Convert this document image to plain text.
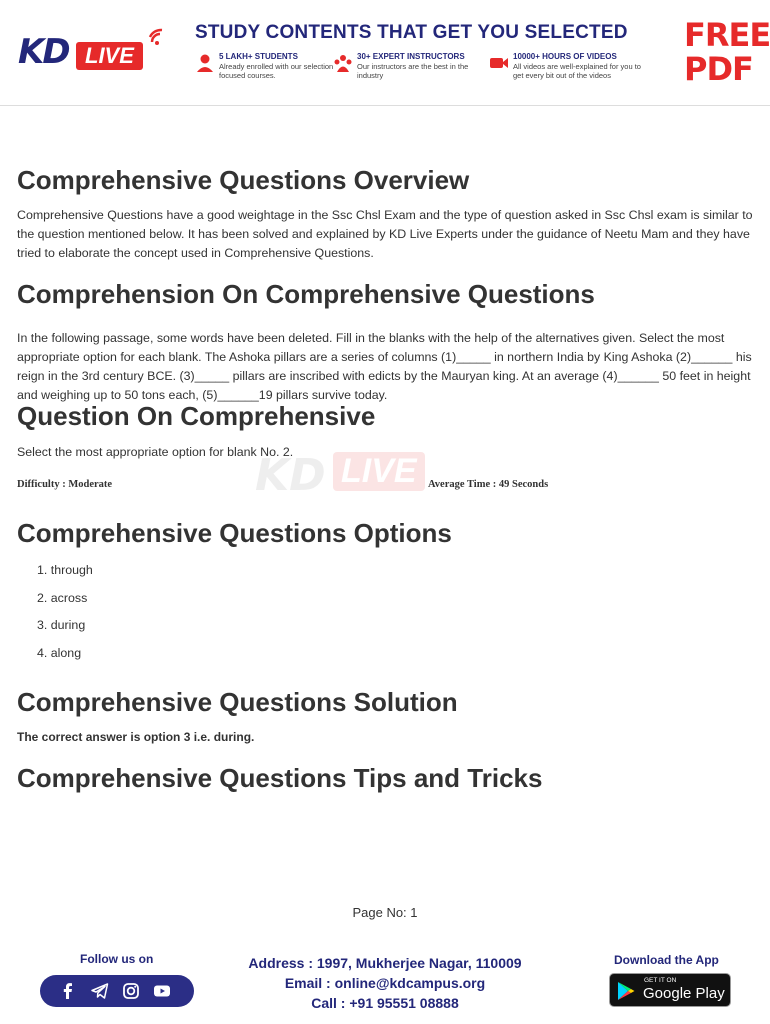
KD LIVE
STUDY CONTENTS THAT GET YOU SELECTED
5 LAKH+ STUDENTS
Already enrolled with our selection focused courses.
30+ EXPERT INSTRUCTORS
Our instructors are the best in the industry
10000+ HOURS OF VIDEOS
All videos are well-explained for you to get every bit out of the videos
FREE
PDF
KD LIVE
Comprehensive Questions Overview
Comprehensive Questions have a good weightage in the Ssc Chsl Exam and the type of question asked in Ssc Chsl exam is similar to the question mentioned below. It has been solved and explained by KD Live Experts under the guidance of Neetu Mam and they have tried to elaborate the concept used in Comprehensive Questions.
Comprehension On Comprehensive Questions
In the following passage, some words have been deleted. Fill in the blanks with the help of the alternatives given. Select the most appropriate option for each blank. The Ashoka pillars are a series of columns (1)_____ in northern India by King Ashoka (2)______ his reign in the 3rd century BCE. (3)_____ pillars are inscribed with edicts by the Mauryan king. At an average (4)______ 50 feet in height and weighing up to 50 tons each, (5)______19 pillars survive today.
Question On Comprehensive
Select the most appropriate option for blank No. 2.
Difficulty : Moderate	Average Time : 49 Seconds
Comprehensive Questions Options
1. through
2. across
3. during
4. along
Comprehensive Questions Solution
The correct answer is option 3 i.e. during.
Comprehensive Questions Tips and Tricks
Page No: 1
Follow us on	Address : 1997, Mukherjee Nagar, 110009
Email : online@kdcampus.org
Call : +91 95551 08888
Download the App
GET IT ON
Google Play
